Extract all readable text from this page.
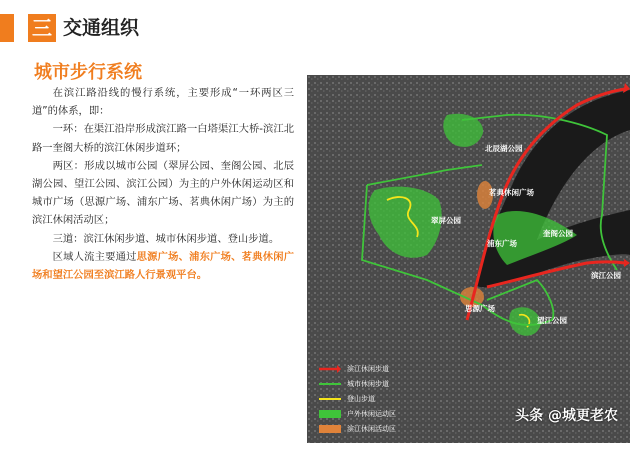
三 交通组织
城市步行系统

在滨江路沿线的慢行系统，主要形成“一环两区三道”的体系，即：

一环：在渠江沿岸形成滨江路一白塔渠江大桥-滨江北路一奎阁大桥的滨江休闲步道环；

两区：形成以城市公园（翠屏公园、奎阁公园、北辰湖公园、望江公园、滨江公园）为主的户外休闲运动区和城市广场（思源广场、浦东广场、茗典休闲广场）为主的滨江休闲活动区；

三道：滨江休闲步道、城市休闲步道、登山步道。

区域人流主要通过思源广场、浦东广场、茗典休闲广场和望江公园至滨江路人行景观平台。

北辰湖公园
茗典休闲广场
翠屏公园
奎阁公园
浦东广场
滨江公园
思源广场
望江公园
滨江休闲步道
城市休闲步道
登山步道
户外休闲运动区
滨江休闲活动区
头条 @城更老农
